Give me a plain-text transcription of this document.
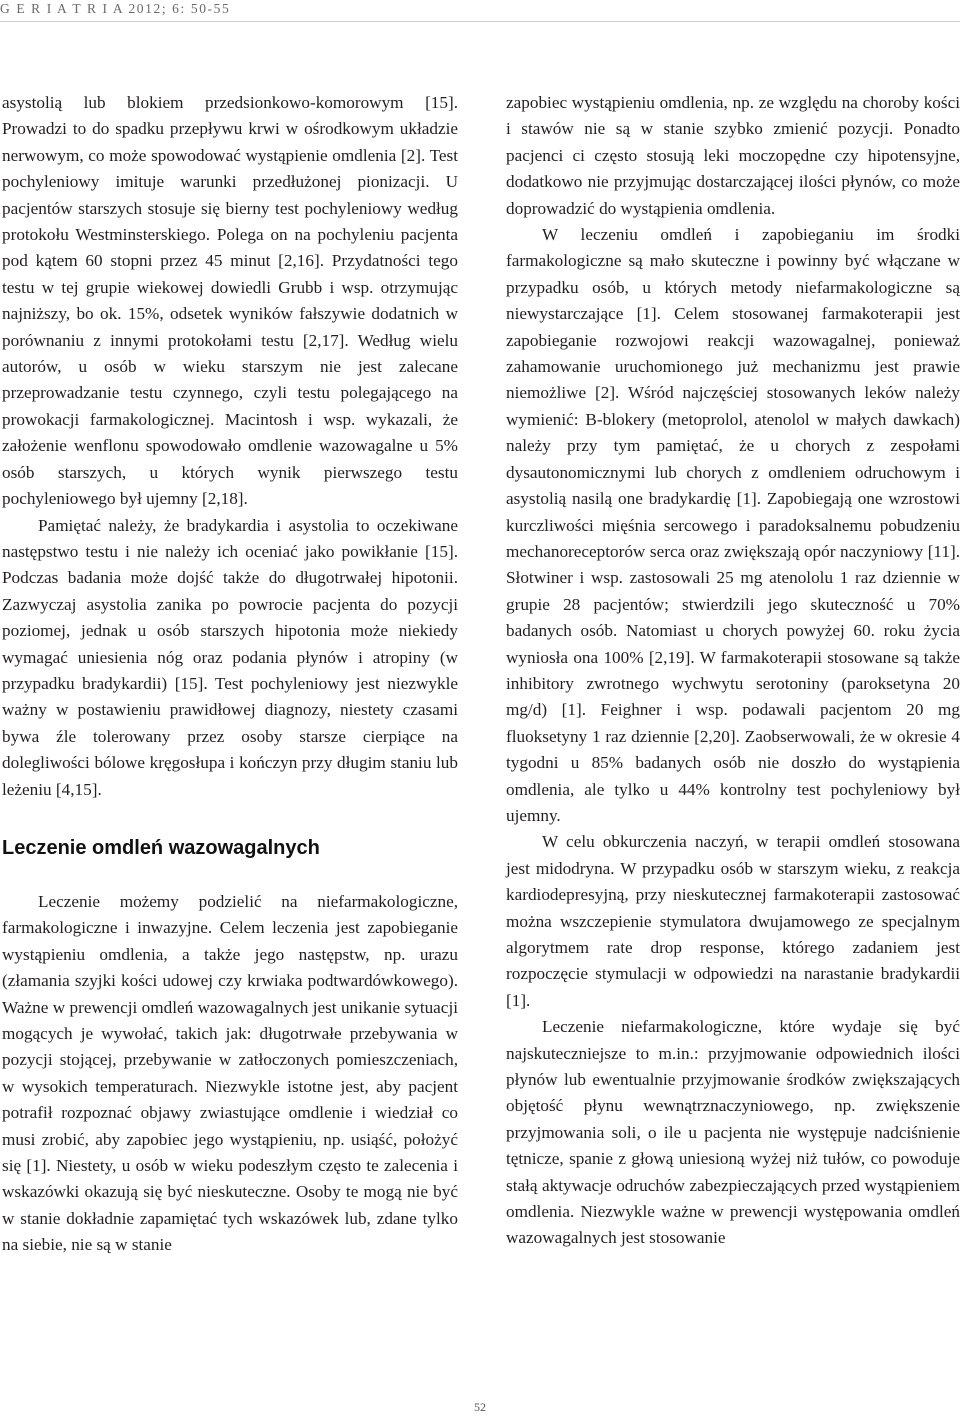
G E R I A T R I A 2012; 6: 50-55

asystolią lub blokiem przedsionkowo-komorowym [15]. Prowadzi to do spadku przepływu krwi w ośrodkowym układzie nerwowym, co może spowodować wystąpienie omdlenia [2]. Test pochyleniowy imituje warunki przedłużonej pionizacji. U pacjentów starszych stosuje się bierny test pochyleniowy według protokołu Westminsterskiego. Polega on na pochyleniu pacjenta pod kątem 60 stopni przez 45 minut [2,16]. Przydatności tego testu w tej grupie wiekowej dowiedli Grubb i wsp. otrzymując najniższy, bo ok. 15%, odsetek wyników fałszywie dodatnich w porównaniu z innymi protokołami testu [2,17]. Według wielu autorów, u osób w wieku starszym nie jest zalecane przeprowadzanie testu czynnego, czyli testu polegającego na prowokacji farmakologicznej. Macintosh i wsp. wykazali, że założenie wenflonu spowodowało omdlenie wazowagalne u 5% osób starszych, u których wynik pierwszego testu pochyleniowego był ujemny [2,18].

Pamiętać należy, że bradykardia i asystolia to oczekiwane następstwo testu i nie należy ich oceniać jako powikłanie [15]. Podczas badania może dojść także do długotrwałej hipotonii. Zazwyczaj asystolia zanika po powrocie pacjenta do pozycji poziomej, jednak u osób starszych hipotonia może niekiedy wymagać uniesienia nóg oraz podania płynów i atropiny (w przypadku bradykardii) [15]. Test pochyleniowy jest niezwykle ważny w postawieniu prawidłowej diagnozy, niestety czasami bywa źle tolerowany przez osoby starsze cierpiące na dolegliwości bólowe kręgosłupa i kończyn przy długim staniu lub leżeniu [4,15].

Leczenie omdleń wazowagalnych

Leczenie możemy podzielić na niefarmakologiczne, farmakologiczne i inwazyjne. Celem leczenia jest zapobieganie wystąpieniu omdlenia, a także jego następstw, np. urazu (złamania szyjki kości udowej czy krwiaka podtwardówkowego). Ważne w prewencji omdleń wazowagalnych jest unikanie sytuacji mogących je wywołać, takich jak: długotrwałe przebywania w pozycji stojącej, przebywanie w zatłoczonych pomieszczeniach, w wysokich temperaturach. Niezwykle istotne jest, aby pacjent potrafił rozpoznać objawy zwiastujące omdlenie i wiedział co musi zrobić, aby zapobiec jego wystąpieniu, np. usiąść, położyć się [1]. Niestety, u osób w wieku podeszłym często te zalecenia i wskazówki okazują się być nieskuteczne. Osoby te mogą nie być w stanie dokładnie zapamiętać tych wskazówek lub, zdane tylko na siebie, nie są w stanie

zapobiec wystąpieniu omdlenia, np. ze względu na choroby kości i stawów nie są w stanie szybko zmienić pozycji. Ponadto pacjenci ci często stosują leki moczopędne czy hipotensyjne, dodatkowo nie przyjmując dostarczającej ilości płynów, co może doprowadzić do wystąpienia omdlenia.

W leczeniu omdleń i zapobieganiu im środki farmakologiczne są mało skuteczne i powinny być włączane w przypadku osób, u których metody niefarmakologiczne są niewystarczające [1]. Celem stosowanej farmakoterapii jest zapobieganie rozwojowi reakcji wazowagalnej, ponieważ zahamowanie uruchomionego już mechanizmu jest prawie niemożliwe [2]. Wśród najczęściej stosowanych leków należy wymienić: B-blokery (metoprolol, atenolol w małych dawkach) należy przy tym pamiętać, że u chorych z zespołami dysautonomicznymi lub chorych z omdleniem odruchowym i asystolią nasilą one bradykardię [1]. Zapobiegają one wzrostowi kurczliwości mięśnia sercowego i paradoksalnemu pobudzeniu mechanoreceptorów serca oraz zwiększają opór naczyniowy [11]. Słotwiner i wsp. zastosowali 25 mg atenololu 1 raz dziennie w grupie 28 pacjentów; stwierdzili jego skuteczność u 70% badanych osób. Natomiast u chorych powyżej 60. roku życia wyniosła ona 100% [2,19]. W farmakoterapii stosowane są także inhibitory zwrotnego wychwytu serotoniny (paroksetyna 20 mg/d) [1]. Feighner i wsp. podawali pacjentom 20 mg fluoksetyny 1 raz dziennie [2,20]. Zaobserwowali, że w okresie 4 tygodni u 85% badanych osób nie doszło do wystąpienia omdlenia, ale tylko u 44% kontrolny test pochyleniowy był ujemny.

W celu obkurczenia naczyń, w terapii omdleń stosowana jest midodryna. W przypadku osób w starszym wieku, z reakcja kardiodepresyjną, przy nieskutecznej farmakoterapii zastosować można wszczepienie stymulatora dwujamowego ze specjalnym algorytmem rate drop response, którego zadaniem jest rozpoczęcie stymulacji w odpowiedzi na narastanie bradykardii [1].

Leczenie niefarmakologiczne, które wydaje się być najskuteczniejsze to m.in.: przyjmowanie odpowiednich ilości płynów lub ewentualnie przyjmowanie środków zwiększających objętość płynu wewnątrznaczyniowego, np. zwiększenie przyjmowania soli, o ile u pacjenta nie występuje nadciśnienie tętnicze, spanie z głową uniesioną wyżej niż tułów, co powoduje stałą aktywacje odruchów zabezpieczających przed wystąpieniem omdlenia. Niezwykle ważne w prewencji występowania omdleń wazowagalnych jest stosowanie

52
